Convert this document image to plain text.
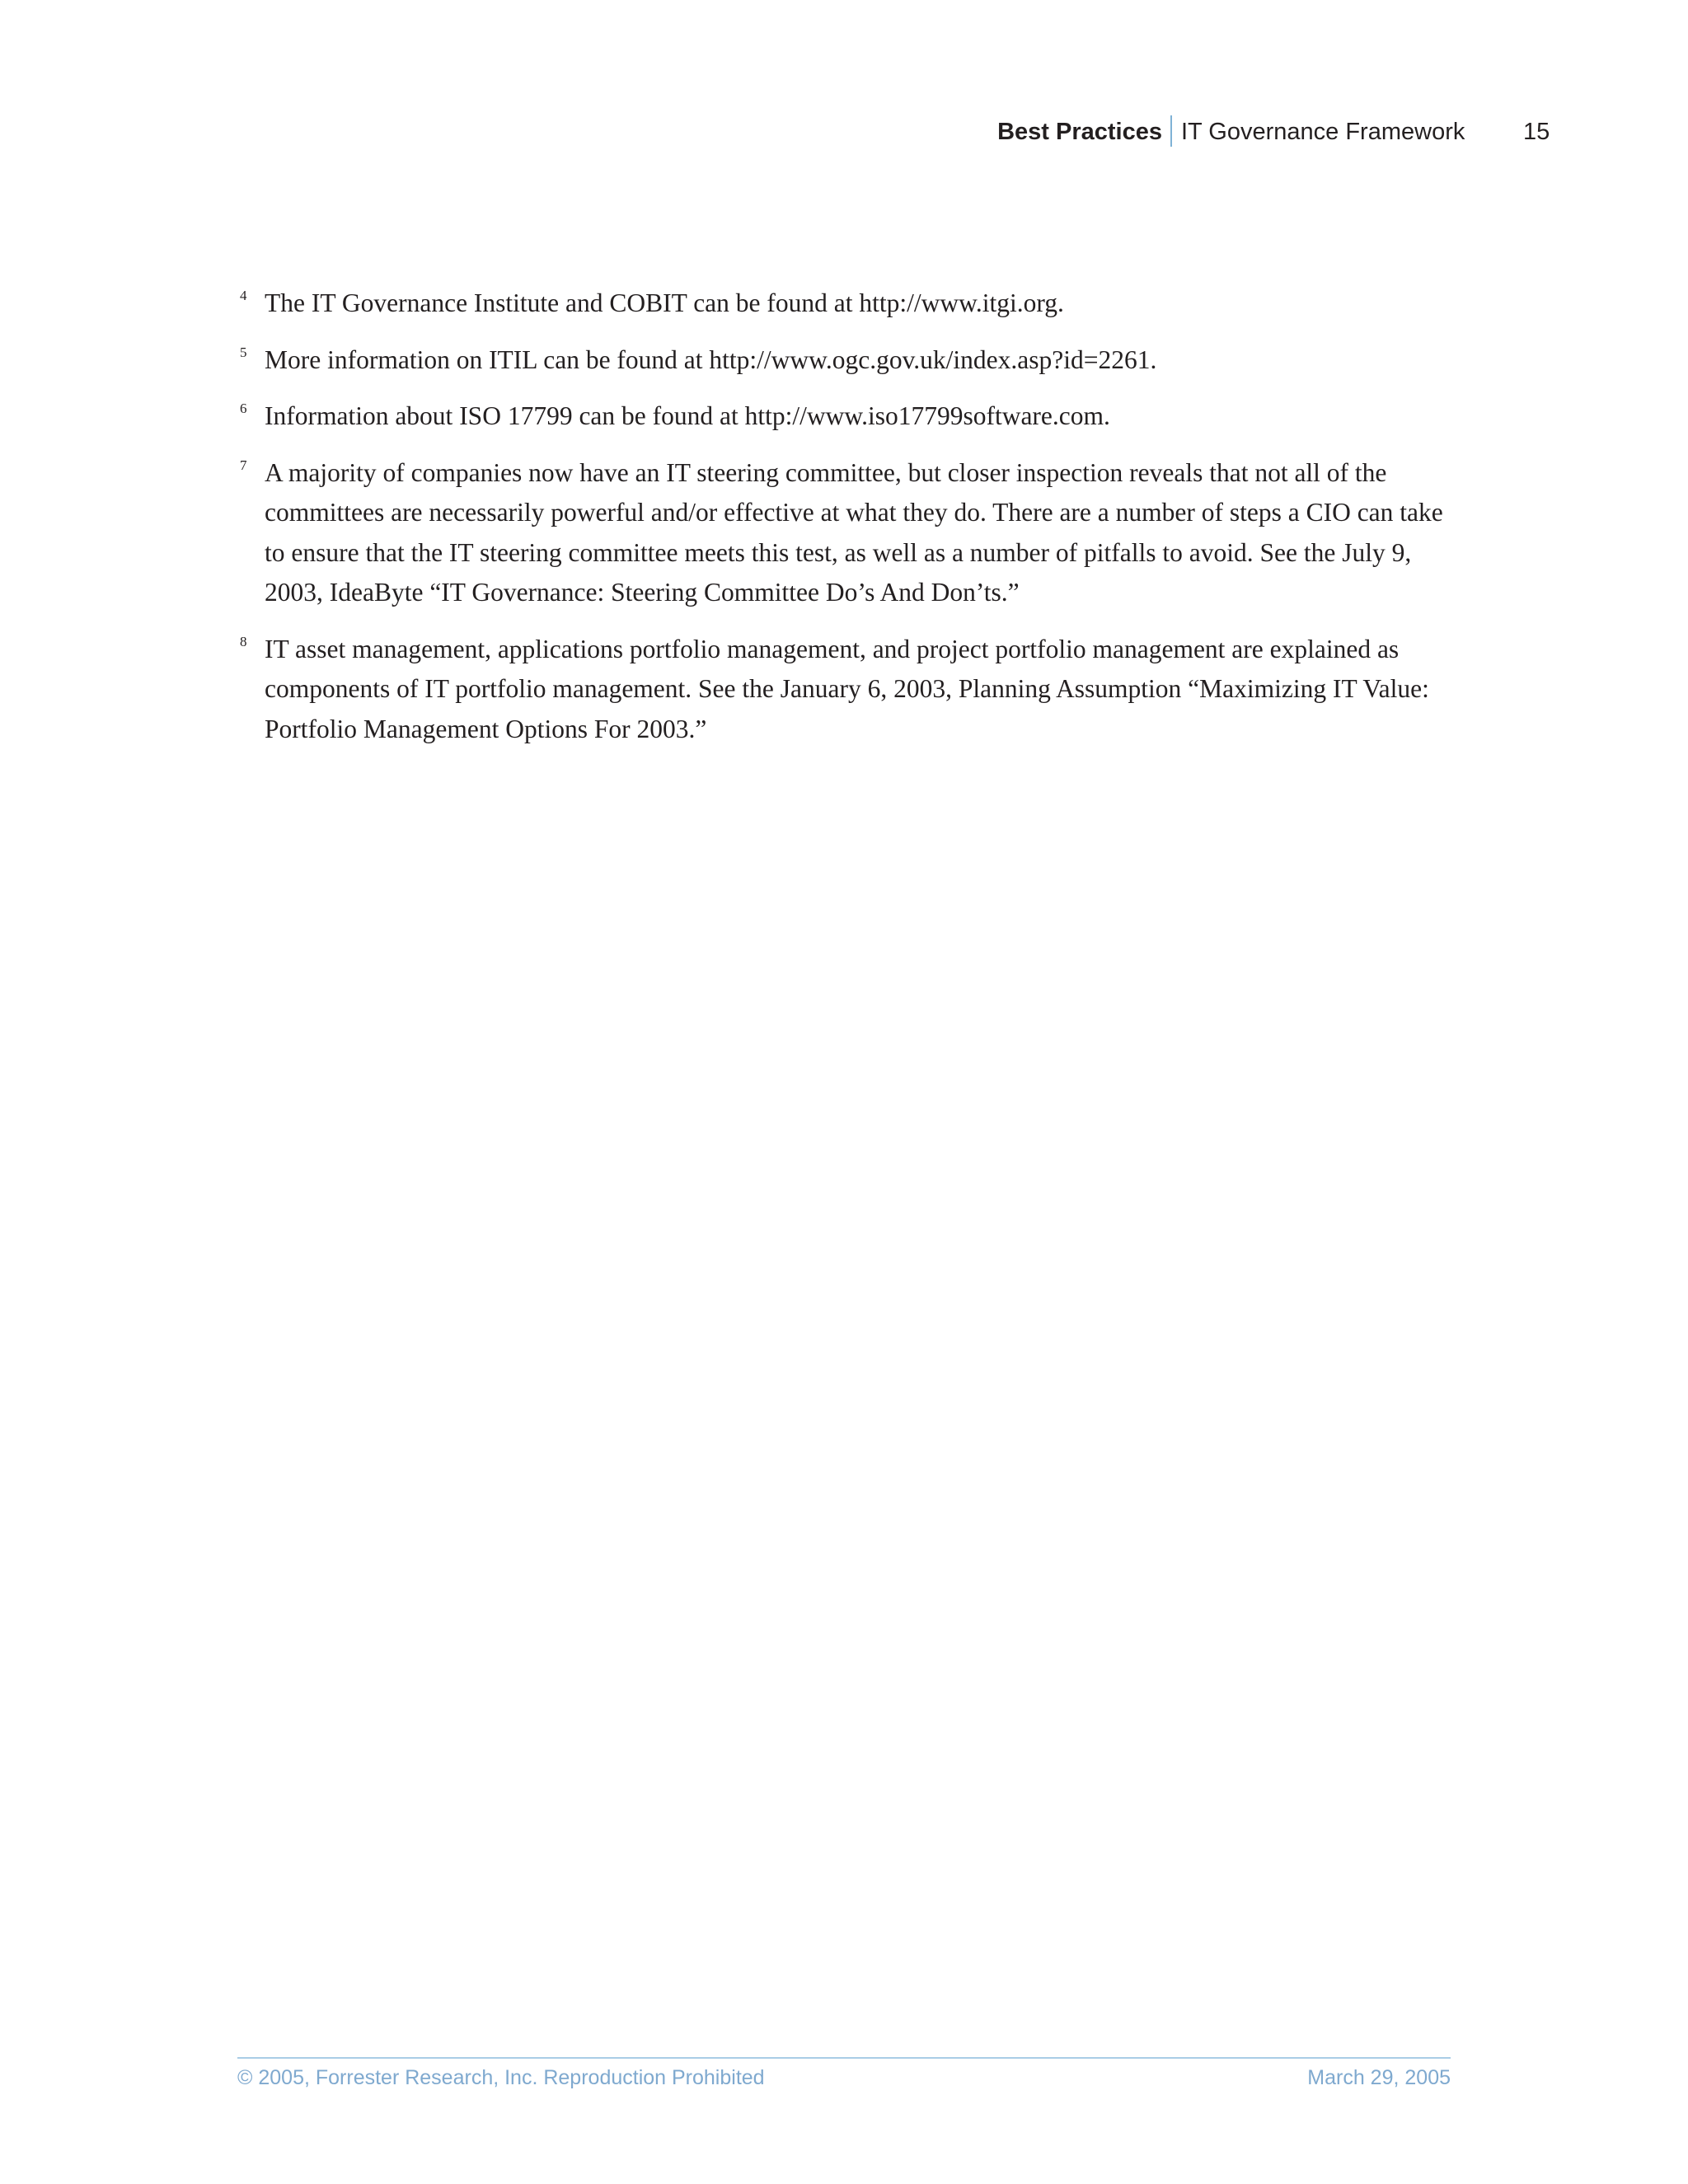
Best Practices IT Governance Framework 15
4 The IT Governance Institute and COBIT can be found at http://www.itgi.org.
5 More information on ITIL can be found at http://www.ogc.gov.uk/index.asp?id=2261.
6 Information about ISO 17799 can be found at http://www.iso17799software.com.
7 A majority of companies now have an IT steering committee, but closer inspection reveals that not all of the committees are necessarily powerful and/or effective at what they do. There are a number of steps a CIO can take to ensure that the IT steering committee meets this test, as well as a number of pitfalls to avoid. See the July 9, 2003, IdeaByte “IT Governance: Steering Committee Do’s And Don’ts.”
8 IT asset management, applications portfolio management, and project portfolio management are explained as components of IT portfolio management. See the January 6, 2003, Planning Assumption “Maximizing IT Value: Portfolio Management Options For 2003.”
© 2005, Forrester Research, Inc. Reproduction Prohibited	March 29, 2005
